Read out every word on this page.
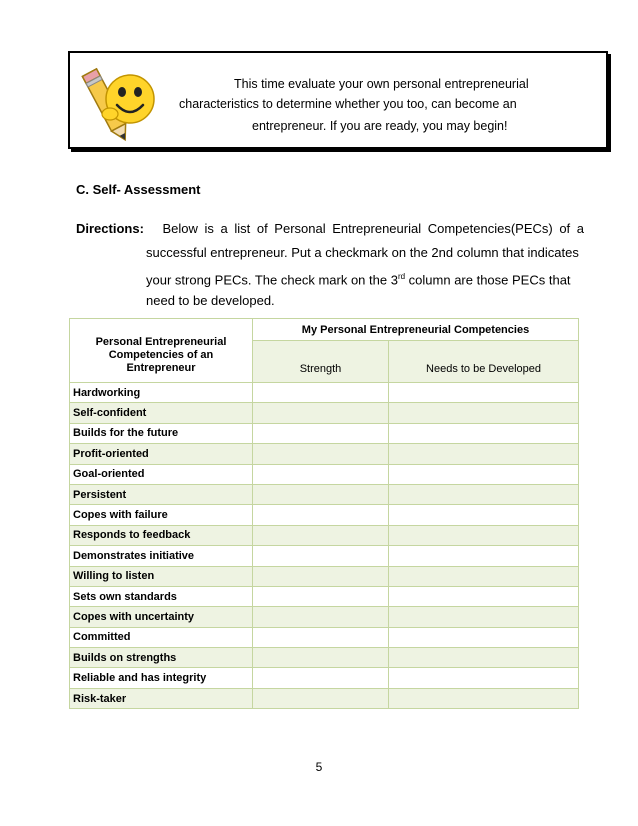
This time evaluate your own personal entrepreneurial
characteristics to determine whether you too, can become an
entrepreneur. If you are ready, you may begin!
C. Self- Assessment
Directions: Below is a list of Personal Entrepreneurial Competencies(PECs) of a
successful entrepreneur. Put a checkmark on the 2nd column that indicates
your strong PECs. The check mark on the 3rd column are those PECs that
need to be developed.
Personal Entrepreneurial Competencies of an Entrepreneur	My Personal Entrepreneurial Competencies	
	Strength	Needs to be Developed
Hardworking		
Self-confident		
Builds for the future		
Profit-oriented		
Goal-oriented		
Persistent		
Copes with failure		
Responds to feedback		
Demonstrates initiative		
Willing to listen		
Sets own standards		
Copes with uncertainty		
Committed		
Builds on strengths		
Reliable and has integrity		
Risk-taker		
5
